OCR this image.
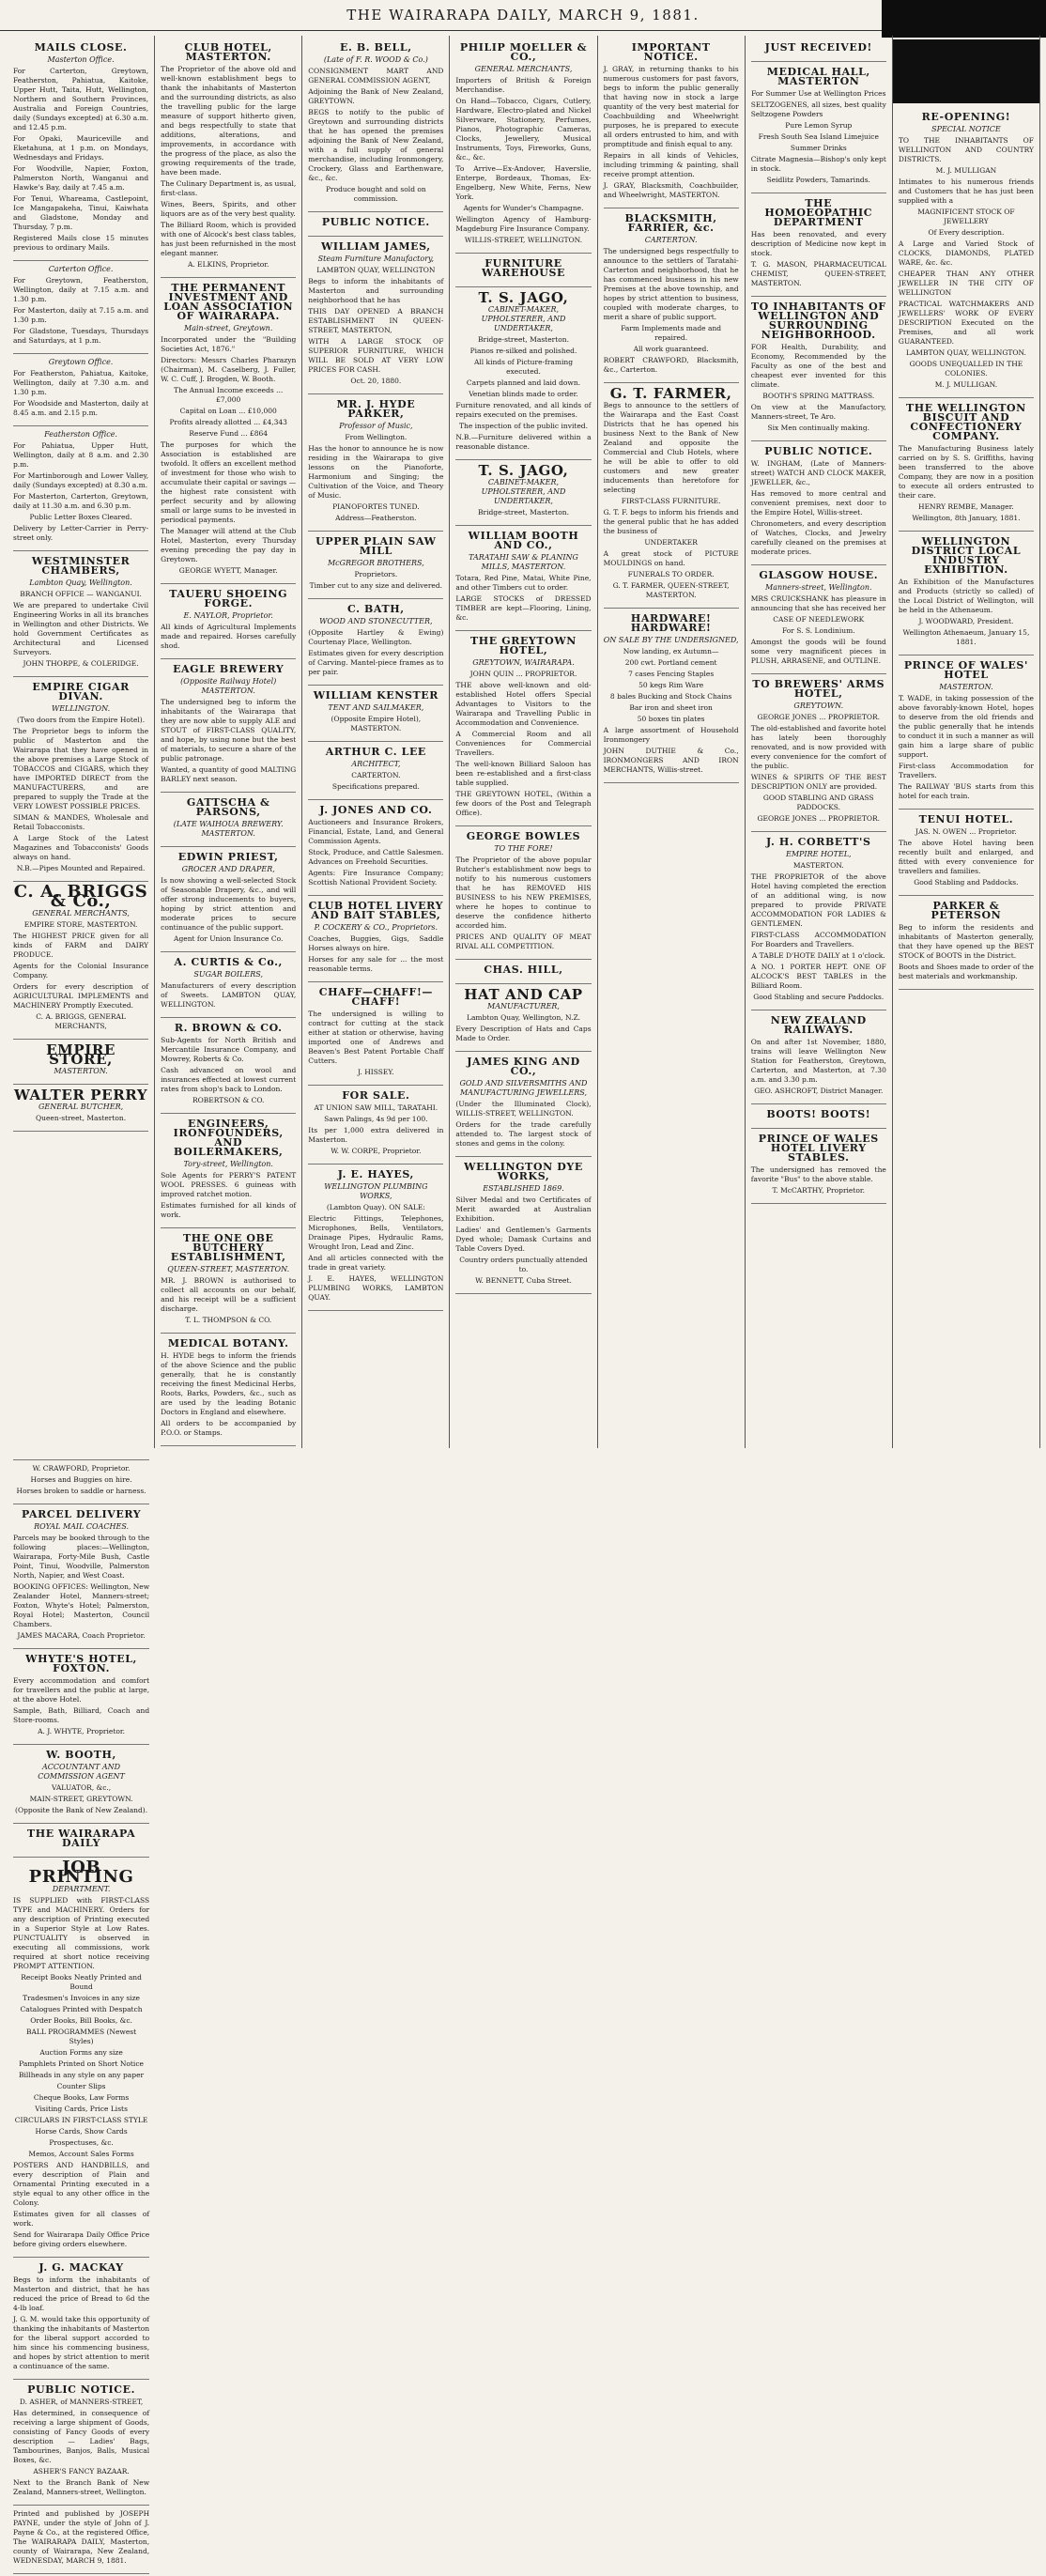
THE WAIRARAPA DAILY, MARCH 9, 1881.
MAILS CLOSE.
Masterton Office.

For Carterton, Greytown, Featherston, Pahiatua, Kaitoke, Upper Hutt, Taita, Hutt, Wellington, Northern and Southern Provinces, Australia and Foreign Countries, daily (Sundays excepted) at 6.30 a.m. and 12.45 p.m.

For Opaki, Mauriceville and Eketahuna, at 1 p.m. on Mondays, Wednesdays and Fridays.

For Woodville, Napier, Foxton, Palmerston North, Wanganui and Hawke's Bay, daily at 7.45 a.m.

For Tenui, Whareama, Castlepoint, Ice Mangapakeha, Tinui, Kaiwhata and Gladstone, Monday and Thursday, 7 p.m.

Registered Mails close 15 minutes previous to ordinary Mails.

Carterton Office.

For Greytown, Featherston, Wellington, daily at 7.15 a.m. and 1.30 p.m.

For Masterton, daily at 7.15 a.m. and 1.30 p.m.

For Gladstone, Tuesdays, Thursdays and Saturdays, at 1 p.m.

Greytown Office.

For Featherston, Pahiatua, Kaitoke, Wellington, daily at 7.30 a.m. and 1.30 p.m.

For Woodside and Masterton, daily at 8.45 a.m. and 2.15 p.m.

Featherston Office.

For Pahiatua, Upper Hutt, Wellington, daily at 8 a.m. and 2.30 p.m.

For Martinborough and Lower Valley, daily (Sundays excepted) at 8.30 a.m.

For Masterton, Carterton, Greytown, daily at 11.30 a.m. and 6.30 p.m.

Public Letter Boxes Cleared.

Delivery by Letter-Carrier in Perry-street only.

WESTMINSTER CHAMBERS,
Lambton Quay, Wellington.

BRANCH OFFICE — WANGANUI.

We are prepared to undertake Civil Engineering Works in all its branches in Wellington and other Districts. We hold Government Certificates as Architectural and Licensed Surveyors.

JOHN THORPE, & COLERIDGE.

EMPIRE CIGAR DIVAN.
WELLINGTON.

(Two doors from the Empire Hotel).

The Proprietor begs to inform the public of Masterton and the Wairarapa that they have opened in the above premises a Large Stock of TOBACCOS and CIGARS, which they have IMPORTED DIRECT from the MANUFACTURERS, and are prepared to supply the Trade at the VERY LOWEST POSSIBLE PRICES.

SIMAN & MANDES, Wholesale and Retail Tobacconists.

A Large Stock of the Latest Magazines and Tobacconists' Goods always on hand.

N.B.—Pipes Mounted and Repaired.

C. A. BRIGGS & Co.,
GENERAL MERCHANTS,

EMPIRE STORE, MASTERTON.

The HIGHEST PRICE given for all kinds of FARM and DAIRY PRODUCE.

Agents for the Colonial Insurance Company.

Orders for every description of AGRICULTURAL IMPLEMENTS and MACHINERY Promptly Executed.

C. A. BRIGGS, GENERAL MERCHANTS,

EMPIRE STORE,
MASTERTON.
WALTER PERRY
GENERAL BUTCHER,

Queen-street, Masterton.

CLUB HOTEL, MASTERTON.

The Proprietor of the above old and well-known establishment begs to thank the inhabitants of Masterton and the surrounding districts, as also the travelling public for the large measure of support hitherto given, and begs respectfully to state that additions, alterations, and improvements, in accordance with the progress of the place, as also the growing requirements of the trade, have been made.

The Culinary Department is, as usual, first-class.

Wines, Beers, Spirits, and other liquors are as of the very best quality.

The Billiard Room, which is provided with one of Alcock's best class tables, has just been refurnished in the most elegant manner.

A. ELKINS, Proprietor.

THE PERMANENT INVESTMENT AND LOAN ASSOCIATION OF WAIRARAPA.
Main-street, Greytown.

Incorporated under the "Building Societies Act, 1876."

Directors: Messrs Charles Pharazyn (Chairman), M. Caselberg, J. Fuller, W. C. Cuff, J. Brogden, W. Booth.

The Annual Income exceeds ... £7,000

Capital on Loan ... £10,000

Profits already allotted ... £4,343

Reserve Fund ... £864

The purposes for which the Association is established are twofold. It offers an excellent method of investment for those who wish to accumulate their capital or savings — the highest rate consistent with perfect security and by allowing small or large sums to be invested in periodical payments.

The Manager will attend at the Club Hotel, Masterton, every Thursday evening preceding the pay day in Greytown.

GEORGE WYETT, Manager.

TAUERU SHOEING FORGE.
E. NAYLOR, Proprietor.

All kinds of Agricultural Implements made and repaired. Horses carefully shod.

EAGLE BREWERY
(Opposite Railway Hotel) MASTERTON.

The undersigned beg to inform the inhabitants of the Wairarapa that they are now able to supply ALE and STOUT of FIRST-CLASS QUALITY, and hope, by using none but the best of materials, to secure a share of the public patronage.

Wanted, a quantity of good MALTING BARLEY next season.

GATTSCHA & PARSONS,
(LATE WAIHOUA BREWERY. MASTERTON.
EDWIN PRIEST,
GROCER AND DRAPER,

Is now showing a well-selected Stock of Seasonable Drapery, &c., and will offer strong inducements to buyers, hoping by strict attention and moderate prices to secure continuance of the public support.

Agent for Union Insurance Co.

A. CURTIS & Co.,
SUGAR BOILERS,

Manufacturers of every description of Sweets. LAMBTON QUAY, WELLINGTON.

R. BROWN & CO.

Sub-Agents for North British and Mercantile Insurance Company, and Mowrey, Roberts & Co.

Cash advanced on wool and insurances effected at lowest current rates from shop's back to London.

ROBERTSON & CO.

ENGINEERS, IRONFOUNDERS, AND BOILERMAKERS,
Tory-street, Wellington.

Sole Agents for PERRY'S PATENT WOOL PRESSES. 6 guineas with improved ratchet motion.

Estimates furnished for all kinds of work.

THE ONE OBE BUTCHERY ESTABLISHMENT,
QUEEN-STREET, MASTERTON.

MR. J. BROWN is authorised to collect all accounts on our behalf, and his receipt will be a sufficient discharge.

T. L. THOMPSON & CO.

MEDICAL BOTANY.

H. HYDE begs to inform the friends of the above Science and the public generally, that he is constantly receiving the finest Medicinal Herbs, Roots, Barks, Powders, &c., such as are used by the leading Botanic Doctors in England and elsewhere.

All orders to be accompanied by P.O.O. or Stamps.

E. B. BELL,
(Late of F. R. WOOD & Co.)

CONSIGNMENT MART AND GENERAL COMMISSION AGENT,

Adjoining the Bank of New Zealand, GREYTOWN.

BEGS to notify to the public of Greytown and surrounding districts that he has opened the premises adjoining the Bank of New Zealand, with a full supply of general merchandise, including Ironmongery, Crockery, Glass and Earthenware, &c., &c.

Produce bought and sold on commission.

PUBLIC NOTICE.
WILLIAM JAMES,
Steam Furniture Manufactory,

LAMBTON QUAY, WELLINGTON

Begs to inform the inhabitants of Masterton and surrounding neighborhood that he has

THIS DAY OPENED A BRANCH ESTABLISHMENT IN QUEEN-STREET, MASTERTON,

WITH A LARGE STOCK OF SUPERIOR FURNITURE, WHICH WILL BE SOLD AT VERY LOW PRICES FOR CASH.

Oct. 20, 1880.

MR. J. HYDE PARKER,
Professor of Music,

From Wellington.

Has the honor to announce he is now residing in the Wairarapa to give lessons on the Pianoforte, Harmonium and Singing; the Cultivation of the Voice, and Theory of Music.

PIANOFORTES TUNED.

Address—Featherston.

UPPER PLAIN SAW MILL
McGREGOR BROTHERS,

Proprietors.

Timber cut to any size and delivered.

C. BATH,
WOOD AND STONECUTTER,

(Opposite Hartley & Ewing) Courtenay Place, Wellington.

Estimates given for every description of Carving. Mantel-piece frames as to per pair.

WILLIAM KENSTER
TENT AND SAILMAKER,

(Opposite Empire Hotel), MASTERTON.

ARTHUR C. LEE
ARCHITECT,

CARTERTON.

Specifications prepared.

J. JONES AND CO.

Auctioneers and Insurance Brokers, Financial, Estate, Land, and General Commission Agents.

Stock, Produce, and Cattle Salesmen. Advances on Freehold Securities.

Agents: Fire Insurance Company; Scottish National Provident Society.

CLUB HOTEL LIVERY AND BAIT STABLES,
P. COCKERY & CO., Proprietors.

Coaches, Buggies, Gigs, Saddle Horses always on hire.

Horses for any sale for ... the most reasonable terms.

CHAFF—CHAFF!—CHAFF!

The undersigned is willing to contract for cutting at the stack either at station or otherwise, having imported one of Andrews and Beaven's Best Patent Portable Chaff Cutters.

J. HISSEY.

FOR SALE.

AT UNION SAW MILL, TARATAHI.

Sawn Palings, 4s 9d per 100.

Its per 1,000 extra delivered in Masterton.

W. W. CORPE, Proprietor.

J. E. HAYES,
WELLINGTON PLUMBING WORKS,

(Lambton Quay). ON SALE:

Electric Fittings, Telephones, Microphones, Bells, Ventilators, Drainage Pipes, Hydraulic Rams, Wrought Iron, Lead and Zinc.

And all articles connected with the trade in great variety.

J. E. HAYES, WELLINGTON PLUMBING WORKS, LAMBTON QUAY.

PHILIP MOELLER & CO.,
GENERAL MERCHANTS,

Importers of British & Foreign Merchandise.

On Hand—Tobacco, Cigars, Cutlery, Hardware, Electro-plated and Nickel Silverware, Stationery, Perfumes, Pianos, Photographic Cameras, Clocks, Jewellery, Musical Instruments, Toys, Fireworks, Guns, &c., &c.

To Arrive—Ex-Andover, Haverslie, Enterpe, Bordeaux, Thomas, Ex-Engelberg, New White, Ferns, New York.

Agents for Wunder's Champagne.

Wellington Agency of Hamburg-Magdeburg Fire Insurance Company.

WILLIS-STREET, WELLINGTON.

FURNITURE WAREHOUSE
T. S. JAGO,
CABINET-MAKER, UPHOLSTERER, AND UNDERTAKER,

Bridge-street, Masterton.

Pianos re-silked and polished.

All kinds of Picture-framing executed.

Carpets planned and laid down.

Venetian blinds made to order.

Furniture renovated, and all kinds of repairs executed on the premises.

The inspection of the public invited.

N.B.—Furniture delivered within a reasonable distance.

T. S. JAGO,
CABINET-MAKER, UPHOLSTERER, AND UNDERTAKER,

Bridge-street, Masterton.

WILLIAM BOOTH AND CO.,
TARATAHI SAW & PLANING MILLS, MASTERTON.

Totara, Red Pine, Matai, White Pine, and other Timbers cut to order.

LARGE STOCKS of DRESSED TIMBER are kept—Flooring, Lining, &c.

THE GREYTOWN HOTEL,
GREYTOWN, WAIRARAPA.

JOHN QUIN ... PROPRIETOR.

THE above well-known and old-established Hotel offers Special Advantages to Visitors to the Wairarapa and Travelling Public in Accommodation and Convenience.

A Commercial Room and all Conveniences for Commercial Travellers.

The well-known Billiard Saloon has been re-established and a first-class table supplied.

THE GREYTOWN HOTEL, (Within a few doors of the Post and Telegraph Office).

GEORGE BOWLES
TO THE FORE!

The Proprietor of the above popular Butcher's establishment now begs to notify to his numerous customers that he has REMOVED HIS BUSINESS to his NEW PREMISES, where he hopes to continue to deserve the confidence hitherto accorded him.

PRICES AND QUALITY OF MEAT RIVAL ALL COMPETITION.

CHAS. HILL,
HAT AND CAP
MANUFACTURER,

Lambton Quay, Wellington, N.Z.

Every Description of Hats and Caps Made to Order.

JAMES KING AND CO.,
GOLD AND SILVERSMITHS AND MANUFACTURING JEWELLERS,

(Under the Illuminated Clock), WILLIS-STREET, WELLINGTON.

Orders for the trade carefully attended to. The largest stock of stones and gems in the colony.

WELLINGTON DYE WORKS,
ESTABLISHED 1869.

Silver Medal and two Certificates of Merit awarded at Australian Exhibition.

Ladies' and Gentlemen's Garments Dyed whole; Damask Curtains and Table Covers Dyed.

Country orders punctually attended to.

W. BENNETT, Cuba Street.

IMPORTANT NOTICE.

J. GRAY, in returning thanks to his numerous customers for past favors, begs to inform the public generally that having now in stock a large quantity of the very best material for Coachbuilding and Wheelwright purposes, he is prepared to execute all orders entrusted to him, and with promptitude and finish equal to any.

Repairs in all kinds of Vehicles, including trimming & painting, shall receive prompt attention.

J. GRAY, Blacksmith, Coachbuilder, and Wheelwright, MASTERTON.

BLACKSMITH, FARRIER, &c.
CARTERTON.

The undersigned begs respectfully to announce to the settlers of Taratahi-Carterton and neighborhood, that he has commenced business in his new Premises at the above township, and hopes by strict attention to business, coupled with moderate charges, to merit a share of public support.

Farm Implements made and repaired.

All work guaranteed.

ROBERT CRAWFORD, Blacksmith, &c., Carterton.

G. T. FARMER,

Begs to announce to the settlers of the Wairarapa and the East Coast Districts that he has opened his business Next to the Bank of New Zealand and opposite the Commercial and Club Hotels, where he will be able to offer to old customers and new greater inducements than heretofore for selecting

FIRST-CLASS FURNITURE.

G. T. F. begs to inform his friends and the general public that he has added the business of

UNDERTAKER

A great stock of PICTURE MOULDINGS on hand.

FUNERALS TO ORDER.

G. T. FARMER, QUEEN-STREET, MASTERTON.

HARDWARE! HARDWARE!
ON SALE BY THE UNDERSIGNED,

Now landing, ex Autumn—

200 cwt. Portland cement

7 cases Fencing Staples

50 kegs Rim Ware

8 bales Bucking and Stock Chains

Bar iron and sheet iron

50 boxes tin plates

A large assortment of Household Ironmongery

JOHN DUTHIE & Co., IRONMONGERS AND IRON MERCHANTS, Willis-street.

JUST RECEIVED!
MEDICAL HALL, MASTERTON

For Summer Use at Wellington Prices

SELTZOGENES, all sizes, best quality Seltzogene Powders

Pure Lemon Syrup

Fresh South Sea Island Limejuice

Summer Drinks

Citrate Magnesia—Bishop's only kept in stock.

Seidlitz Powders, Tamarinds.

THE HOMOEOPATHIC DEPARTMENT

Has been renovated, and every description of Medicine now kept in stock.

T. G. MASON, PHARMACEUTICAL CHEMIST, QUEEN-STREET, MASTERTON.

TO INHABITANTS OF WELLINGTON AND SURROUNDING NEIGHBORHOOD.

FOR Health, Durability, and Economy, Recommended by the Faculty as one of the best and cheapest ever invented for this climate.

BOOTH'S SPRING MATTRASS.

On view at the Manufactory, Manners-street, Te Aro.

Six Men continually making.

PUBLIC NOTICE.

W. INGHAM, (Late of Manners-street) WATCH AND CLOCK MAKER, JEWELLER, &c.,

Has removed to more central and convenient premises, next door to the Empire Hotel, Willis-street.

Chronometers, and every description of Watches, Clocks, and Jewelry carefully cleaned on the premises at moderate prices.

GLASGOW HOUSE.
Manners-street, Wellington.

MRS CRUICKSHANK has pleasure in announcing that she has received her

CASE OF NEEDLEWORK

For S. S. Londinium.

Amongst the goods will be found some very magnificent pieces in PLUSH, ARRASENE, and OUTLINE.

TO BREWERS' ARMS HOTEL,
GREYTOWN.

GEORGE JONES ... PROPRIETOR.

The old-established and favorite hotel has lately been thoroughly renovated, and is now provided with every convenience for the comfort of the public.

WINES & SPIRITS OF THE BEST DESCRIPTION ONLY are provided.

GOOD STABLING AND GRASS PADDOCKS.

GEORGE JONES ... PROPRIETOR.

J. H. CORBETT'S
EMPIRE HOTEL,

MASTERTON.

THE PROPRIETOR of the above Hotel having completed the erection of an additional wing, is now prepared to provide PRIVATE ACCOMMODATION FOR LADIES & GENTLEMEN.

FIRST-CLASS ACCOMMODATION For Boarders and Travellers.

A TABLE D'HOTE DAILY at 1 o'clock.

A NO. 1 PORTER HEPT. ONE OF ALCOCK'S BEST TABLES in the Billiard Room.

Good Stabling and secure Paddocks.

NEW ZEALAND RAILWAYS.

On and after 1st November, 1880, trains will leave Wellington New Station for Featherston, Greytown, Carterton, and Masterton, at 7.30 a.m. and 3.30 p.m.

GEO. ASHCROFT, District Manager.

BOOTS! BOOTS!
PRINCE OF WALES HOTEL LIVERY STABLES.

The undersigned has removed the favorite "Bus" to the above stable.

T. McCARTHY, Proprietor.

RE-OPENING!
SPECIAL NOTICE

TO THE INHABITANTS OF WELLINGTON AND COUNTRY DISTRICTS.

M. J. MULLIGAN

Intimates to his numerous friends and Customers that he has just been supplied with a

MAGNIFICENT STOCK OF JEWELLERY

Of Every description.

A Large and Varied Stock of CLOCKS, DIAMONDS, PLATED WARE, &c. &c.

CHEAPER THAN ANY OTHER JEWELLER IN THE CITY OF WELLINGTON

PRACTICAL WATCHMAKERS AND JEWELLERS' WORK OF EVERY DESCRIPTION Executed on the Premises, and all work GUARANTEED.

LAMBTON QUAY, WELLINGTON.

GOODS UNEQUALLED IN THE COLONIES.

M. J. MULLIGAN.

THE WELLINGTON BISCUIT AND CONFECTIONERY COMPANY.

The Manufacturing Business lately carried on by S. S. Griffiths, having been transferred to the above Company, they are now in a position to execute all orders entrusted to their care.

HENRY REMBE, Manager.

Wellington, 8th January, 1881.

WELLINGTON DISTRICT LOCAL INDUSTRY EXHIBITION.

An Exhibition of the Manufactures and Products (strictly so called) of the Local District of Wellington, will be held in the Athenaeum.

J. WOODWARD, President.

Wellington Athenaeum, January 15, 1881.

PRINCE OF WALES' HOTEL
MASTERTON.

T. WADE, in taking possession of the above favorably-known Hotel, hopes to deserve from the old friends and the public generally that he intends to conduct it in such a manner as will gain him a large share of public support.

First-class Accommodation for Travellers.

The RAILWAY 'BUS starts from this hotel for each train.

TENUI HOTEL.

JAS. N. OWEN ... Proprietor.

The above Hotel having been recently built and enlarged, and fitted with every convenience for travellers and families.

Good Stabling and Paddocks.

PARKER & PETERSON

Beg to inform the residents and inhabitants of Masterton generally, that they have opened up the BEST STOCK of BOOTS in the District.

Boots and Shoes made to order of the best materials and workmanship.

W. CRAWFORD, Proprietor.

Horses and Buggies on hire.

Horses broken to saddle or harness.

PARCEL DELIVERY
ROYAL MAIL COACHES.

Parcels may be booked through to the following places:—Wellington, Wairarapa, Forty-Mile Bush, Castle Point, Tinui, Woodville, Palmerston North, Napier, and West Coast.

BOOKING OFFICES: Wellington, New Zealander Hotel, Manners-street; Foxton, Whyte's Hotel; Palmerston, Royal Hotel; Masterton, Council Chambers.

JAMES MACARA, Coach Proprietor.

WHYTE'S HOTEL, FOXTON.

Every accommodation and comfort for travellers and the public at large, at the above Hotel.

Sample, Bath, Billiard, Coach and Store-rooms.

A. J. WHYTE, Proprietor.

W. BOOTH,
ACCOUNTANT AND COMMISSION AGENT

VALUATOR, &c.,

MAIN-STREET, GREYTOWN.

(Opposite the Bank of New Zealand).

THE WAIRARAPA DAILY
JOB PRINTING
DEPARTMENT.

IS SUPPLIED with FIRST-CLASS TYPE and MACHINERY. Orders for any description of Printing executed in a Superior Style at Low Rates. PUNCTUALITY is observed in executing all commissions, work required at short notice receiving PROMPT ATTENTION.

Receipt Books Neatly Printed and Bound

Tradesmen's Invoices in any size

Catalogues Printed with Despatch

Order Books, Bill Books, &c.

BALL PROGRAMMES (Newest Styles)

Auction Forms any size

Pamphlets Printed on Short Notice

Billheads in any style on any paper

Counter Slips

Cheque Books, Law Forms

Visiting Cards, Price Lists

CIRCULARS IN FIRST-CLASS STYLE

Horse Cards, Show Cards

Prospectuses, &c.

Memos, Account Sales Forms

POSTERS AND HANDBILLS, and every description of Plain and Ornamental Printing executed in a style equal to any other office in the Colony.

Estimates given for all classes of work.

Send for Wairarapa Daily Office Price before giving orders elsewhere.

J. G. MACKAY

Begs to inform the inhabitants of Masterton and district, that he has reduced the price of Bread to 6d the 4-lb loaf.

J. G. M. would take this opportunity of thanking the inhabitants of Masterton for the liberal support accorded to him since his commencing business, and hopes by strict attention to merit a continuance of the same.

PUBLIC NOTICE.

D. ASHER, of MANNERS-STREET,

Has determined, in consequence of receiving a large shipment of Goods, consisting of Fancy Goods of every description — Ladies' Bags, Tambourines, Banjos, Balls, Musical Boxes, &c.

ASHER'S FANCY BAZAAR.

Next to the Branch Bank of New Zealand, Manners-street, Wellington.

Printed and published by JOSEPH PAYNE, under the style of John of J. Payne & Co., at the registered Office, The WAIRARAPA DAILY, Masterton, county of Wairarapa, New Zealand, WEDNESDAY, MARCH 9, 1881.
